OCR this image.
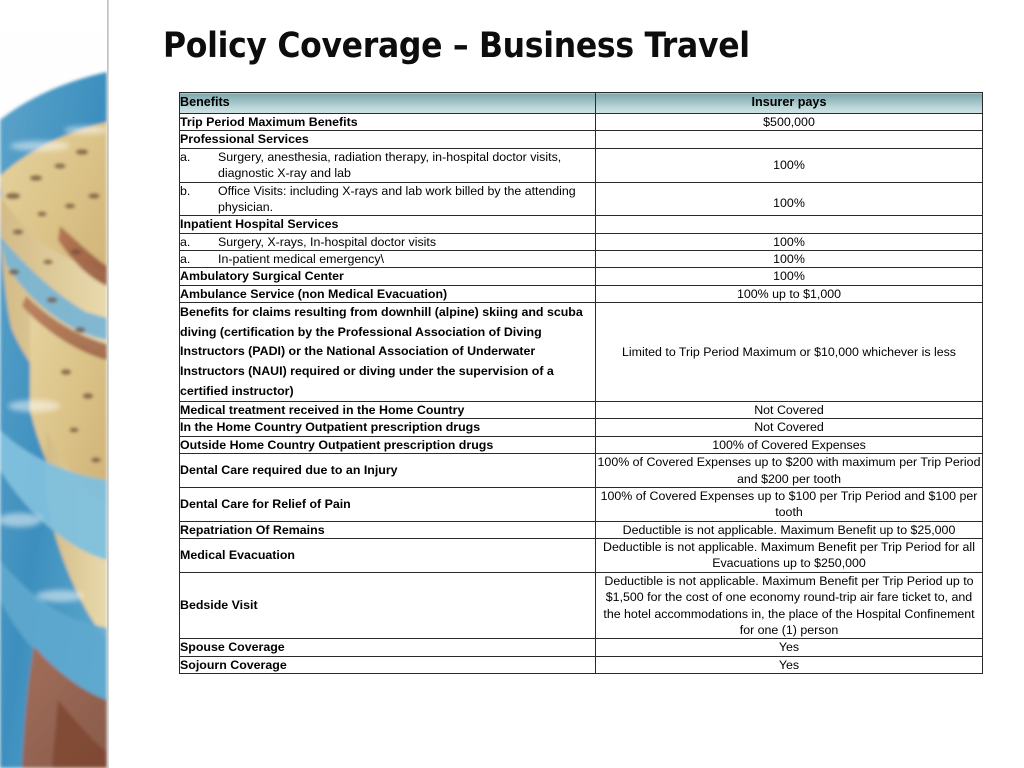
Policy Coverage – Business Travel
Benefits	Insurer pays

Trip Period Maximum Benefits	$500,000

Professional Services	

a. Surgery, anesthesia, radiation therapy, in-hospital doctor visits, diagnostic X-ray and lab	100%

b. Office Visits: including X-rays and lab work billed by the attending physician.	100%

Inpatient Hospital Services	

a. Surgery, X-rays, In-hospital doctor visits	100%

a. In-patient medical emergency\	100%

Ambulatory Surgical Center	100%

Ambulance Service (non Medical Evacuation)	100% up to $1,000

Benefits for claims resulting from downhill (alpine) skiing and scuba diving (certification by the Professional Association of Diving Instructors (PADI) or the National Association of Underwater Instructors (NAUI) required or diving under the supervision of a certified instructor)	Limited to Trip Period Maximum or $10,000 whichever is less

Medical treatment received in the Home Country	Not Covered

In the Home Country Outpatient prescription drugs	Not Covered

Outside Home Country Outpatient prescription drugs	100% of Covered Expenses

Dental Care required due to an Injury	100% of Covered Expenses up to $200 with maximum per Trip Period and $200 per tooth

Dental Care for Relief of Pain	100% of Covered Expenses up to $100 per Trip Period and $100 per tooth

Repatriation Of Remains	Deductible is not applicable. Maximum Benefit up to $25,000

Medical Evacuation	Deductible is not applicable. Maximum Benefit per Trip Period for all Evacuations up to $250,000

Bedside Visit	Deductible is not applicable. Maximum Benefit per Trip Period up to $1,500 for the cost of one economy round-trip air fare ticket to, and the hotel accommodations in, the place of the Hospital Confinement for one (1) person

Spouse Coverage	Yes

Sojourn Coverage	Yes
